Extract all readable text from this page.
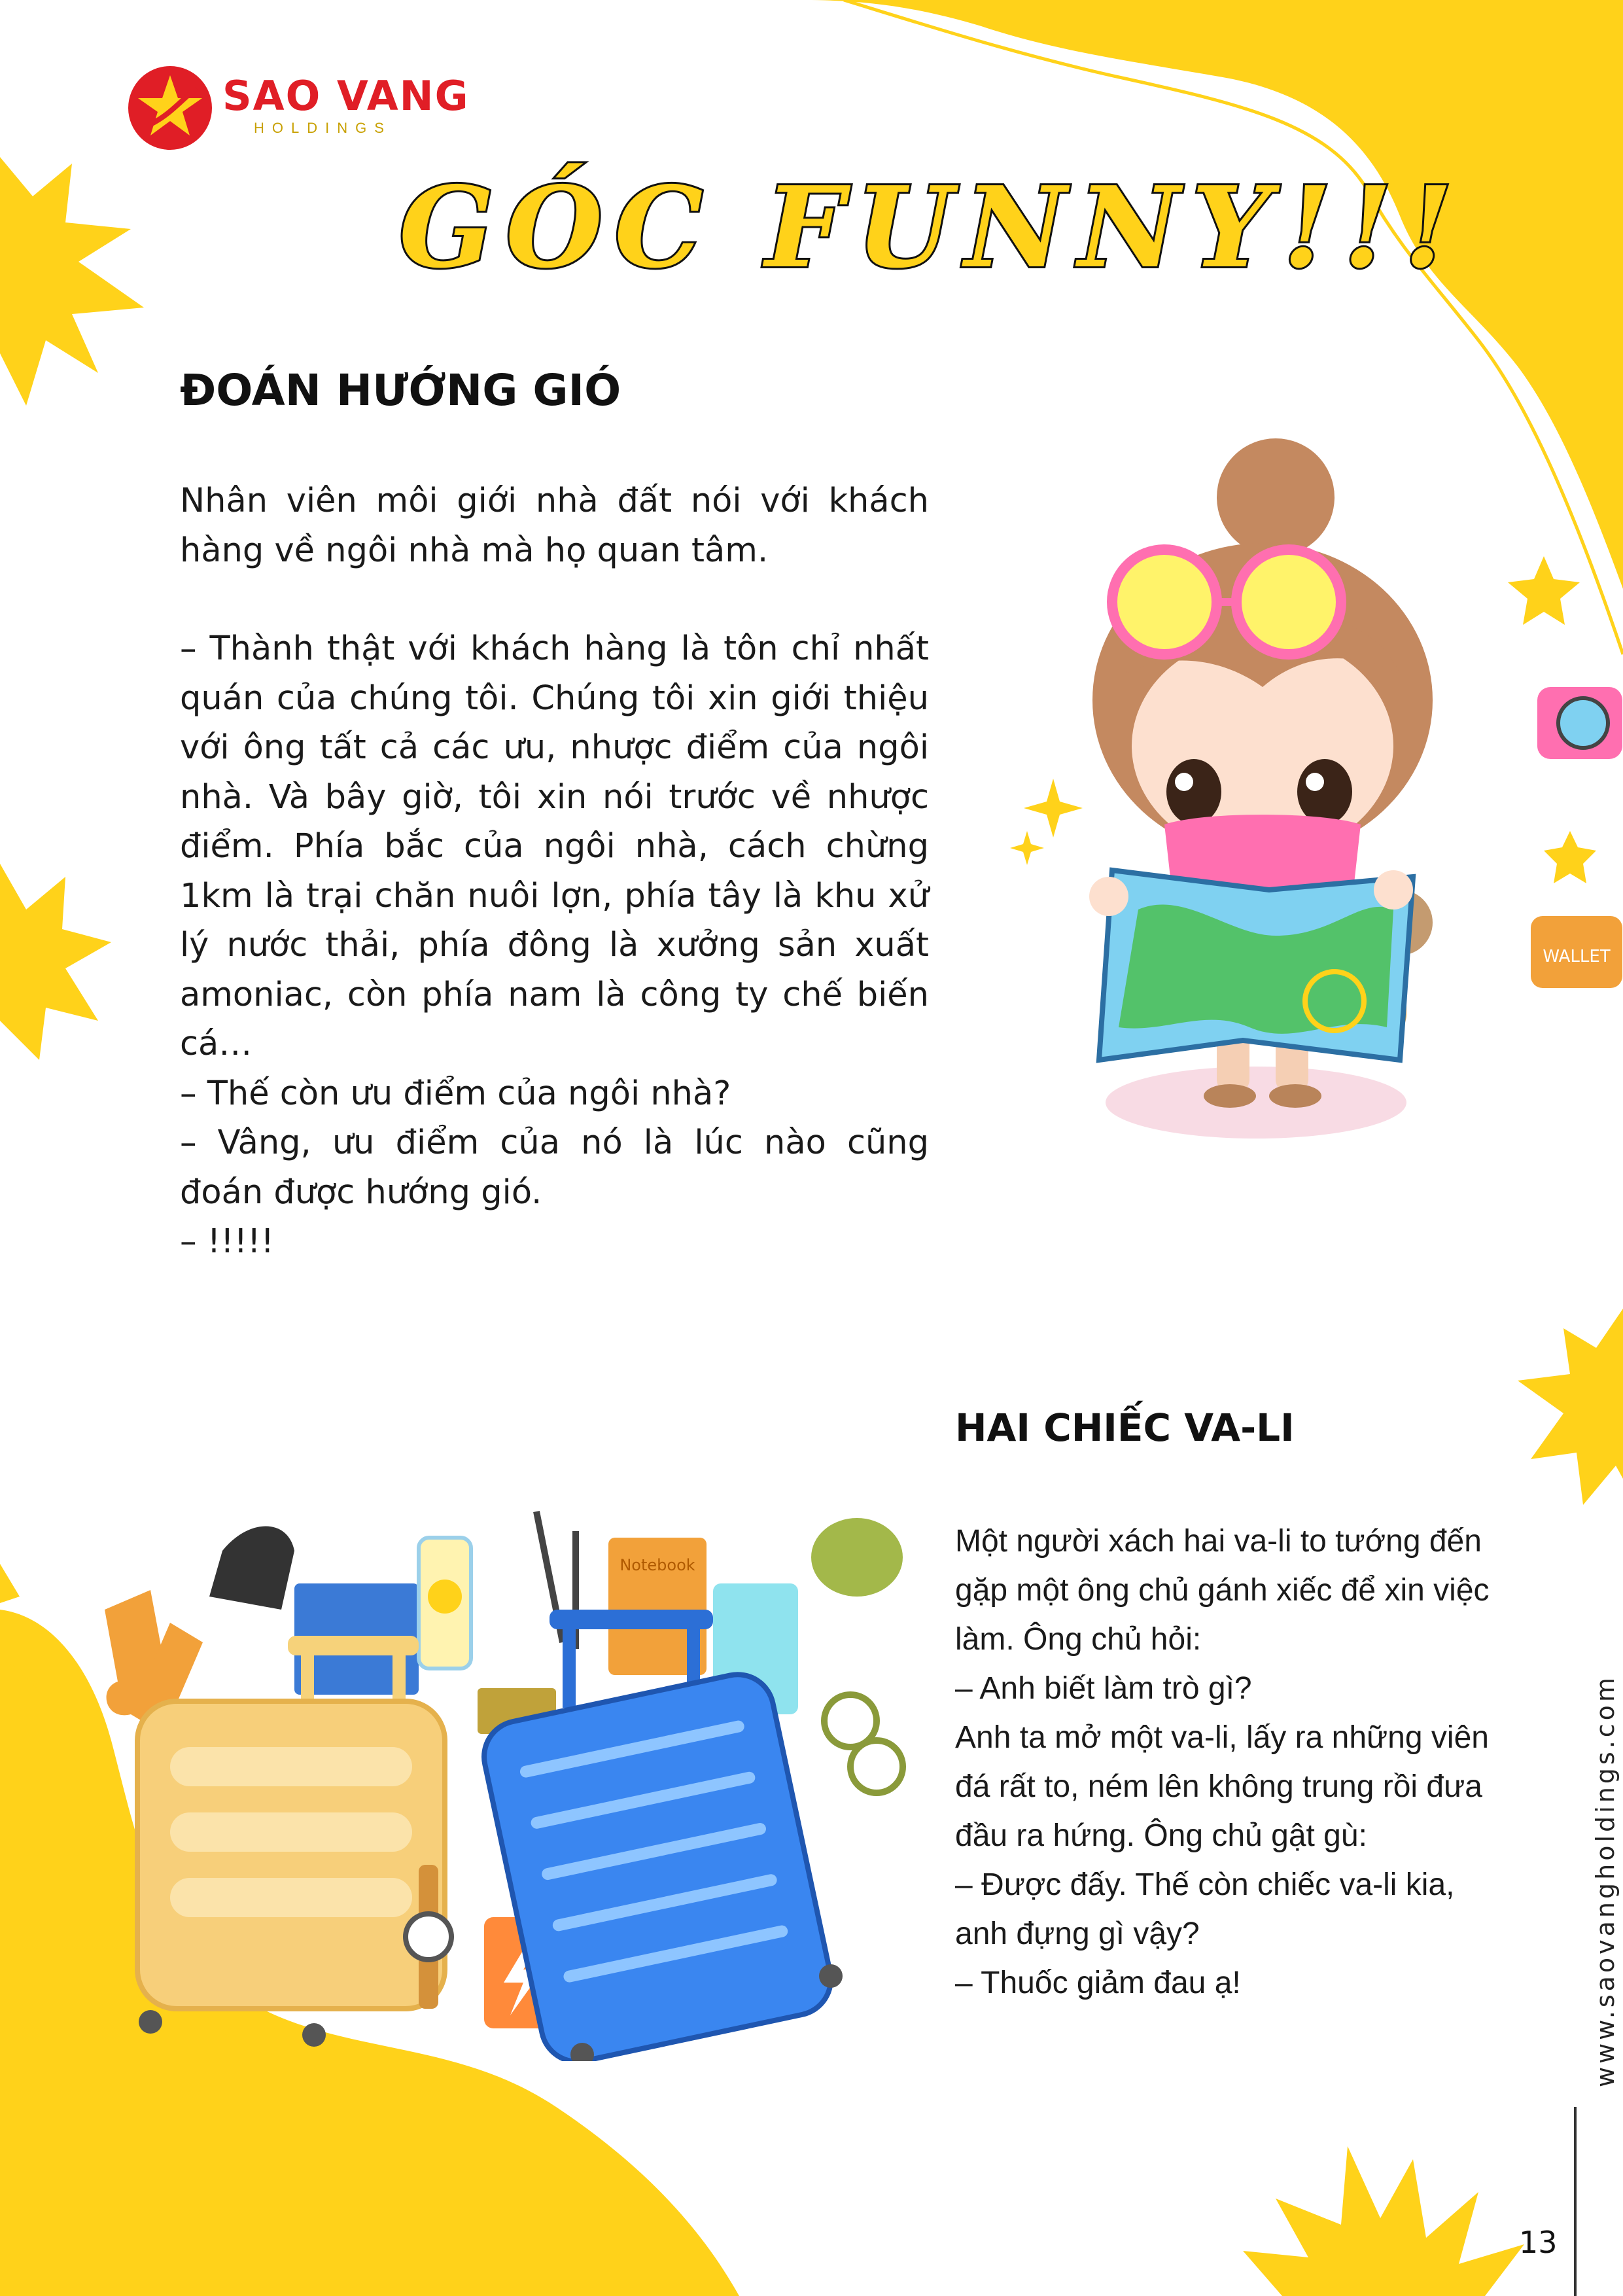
SAO VANG
HOLDINGS
GÓC FUNNY!!!
ĐOÁN HƯỚNG GIÓ

Nhân viên môi giới nhà đất nói với khách hàng về ngôi nhà mà họ quan tâm.

– Thành thật với khách hàng là tôn chỉ nhất quán của chúng tôi. Chúng tôi xin giới thiệu với ông tất cả các ưu, nhược điểm của ngôi nhà. Và bây giờ, tôi xin nói trước về nhược điểm. Phía bắc của ngôi nhà, cách chừng 1km là trại chăn nuôi lợn, phía tây là khu xử lý nước thải, phía đông là xưởng sản xuất amoniac, còn phía nam là công ty chế biến cá…

– Thế còn ưu điểm của ngôi nhà?

– Vâng, ưu điểm của nó là lúc nào cũng đoán được hướng gió.

– !!!!!

WALLET
HAI CHIẾC VA-LI

Một người xách hai va-li to tướng đến gặp một ông chủ gánh xiếc để xin việc làm. Ông chủ hỏi:

– Anh biết làm trò gì?

Anh ta mở một va-li, lấy ra những viên đá rất to, ném lên không trung rồi đưa đầu ra hứng. Ông chủ gật gù:

– Được đấy. Thế còn chiếc va-li kia, anh đựng gì vậy?

– Thuốc giảm đau ạ!

Notebook
www.saovangholdings.com
13
